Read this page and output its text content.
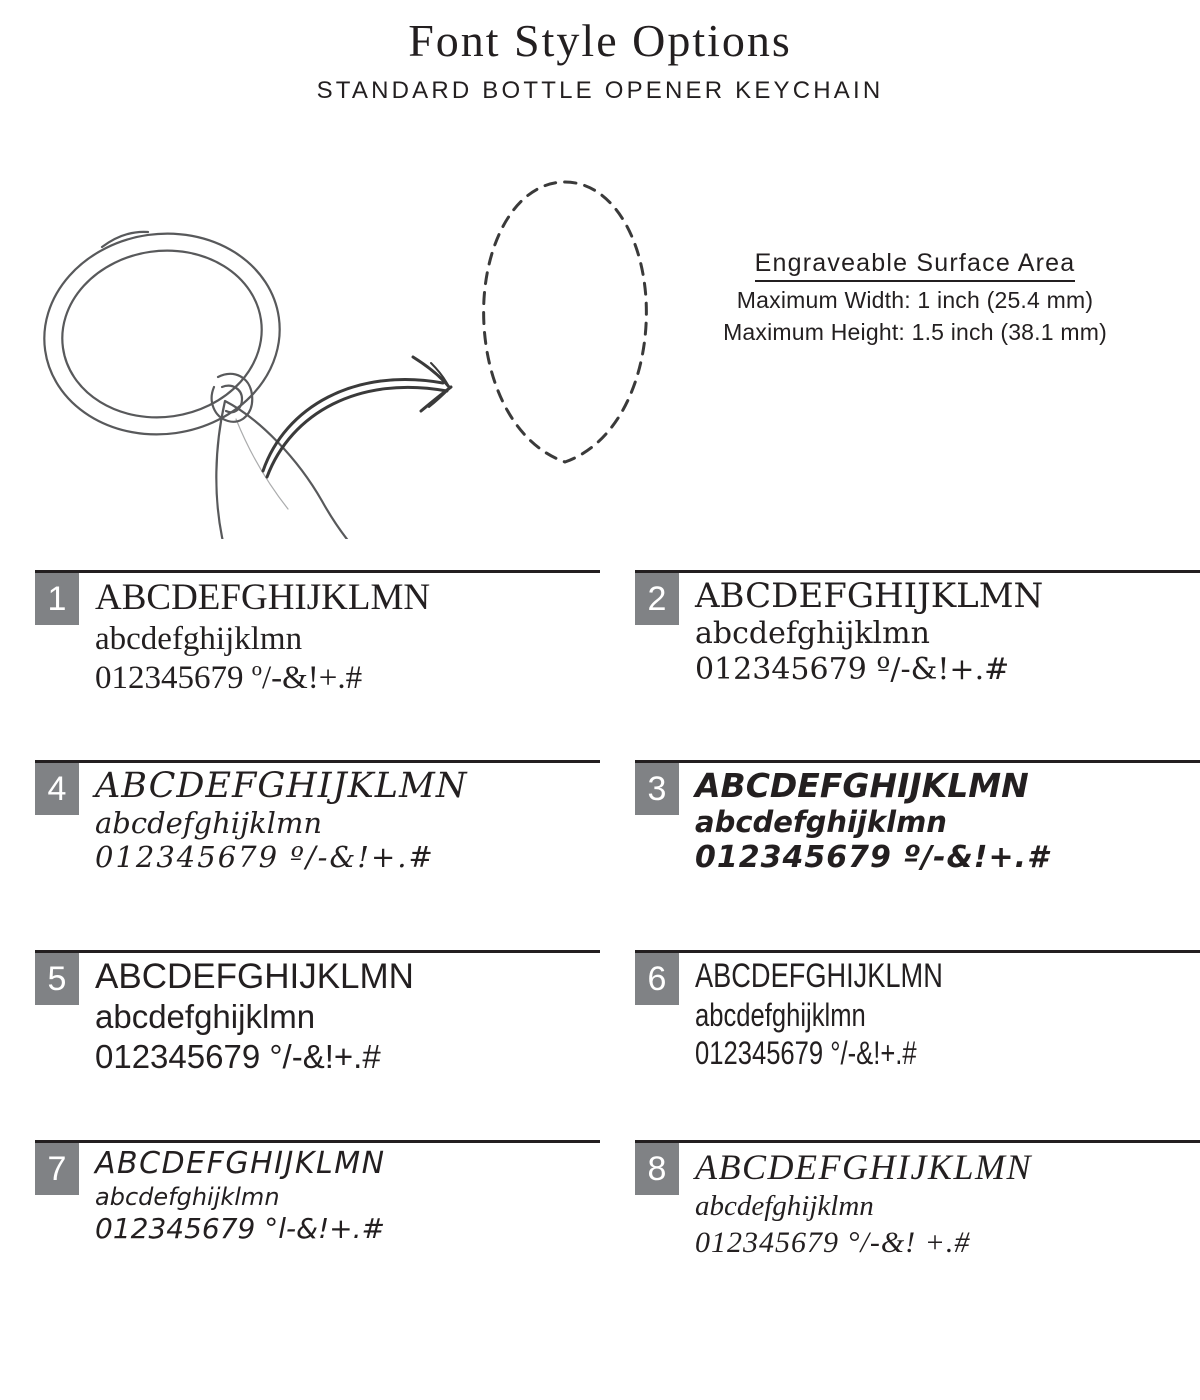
Font Style Options
STANDARD BOTTLE OPENER KEYCHAIN
Engraveable Surface Area
Maximum Width: 1 inch (25.4 mm)
Maximum Height: 1.5 inch (38.1 mm)
1 ABCDEFGHIJKLMN
abcdefghijklmn
012345679 º/-&!+.#
2 ABCDEFGHIJKLMN
abcdefghijklmn
012345679 º/-&!+.#
4 ABCDEFGHIJKLMN
abcdefghijklmn
012345679 º/-&!+.#
3 ABCDEFGHIJKLMN
abcdefghijklmn
012345679 º/-&!+.#
5 ABCDEFGHIJKLMN
abcdefghijklmn
012345679 °/-&!+.#
6 ABCDEFGHIJKLMN
abcdefghijklmn
012345679 °/-&!+.#
7 ABCDEFGHIJKLMN
abcdefghijklmn
012345679 °l-&!+.#
8 ABCDEFGHIJKLMN
abcdefghijklmn
012345679 °/-&! +.#
